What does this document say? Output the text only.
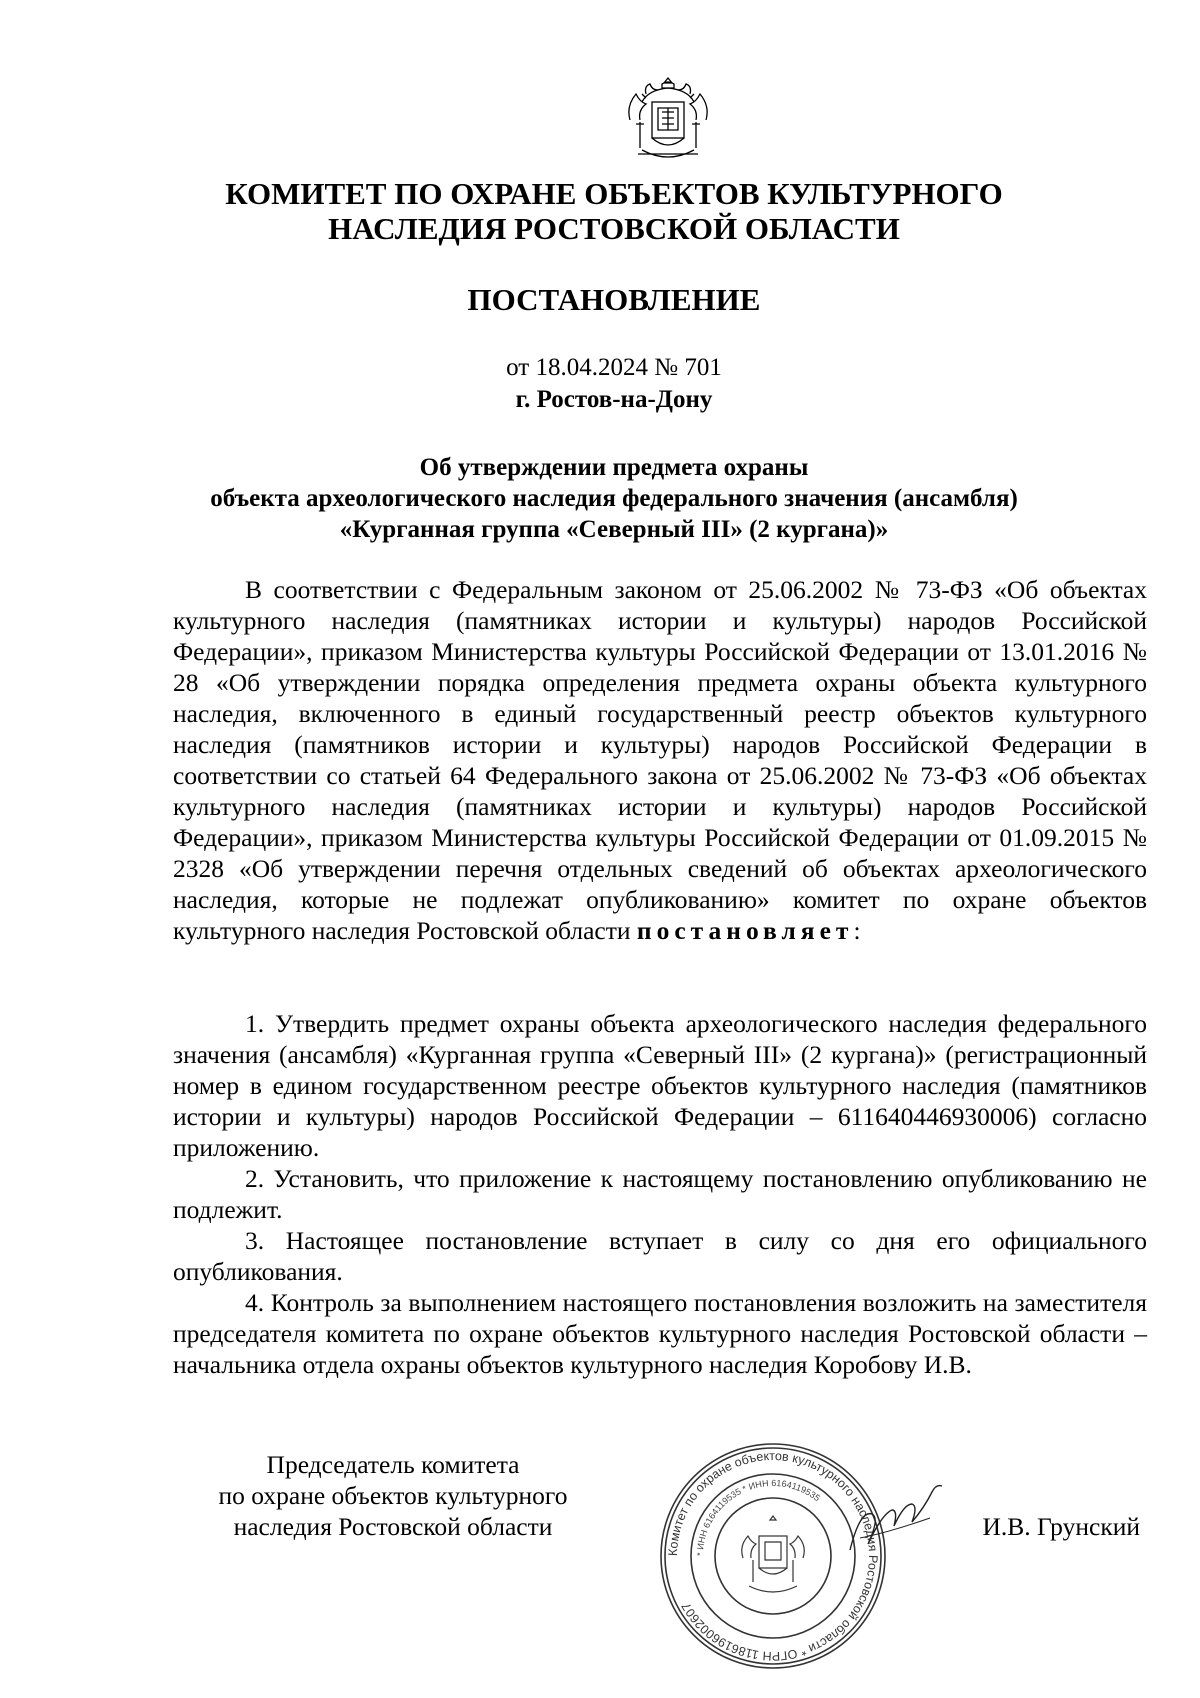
КОМИТЕТ ПО ОХРАНЕ ОБЪЕКТОВ КУЛЬТУРНОГО
НАСЛЕДИЯ РОСТОВСКОЙ ОБЛАСТИ
ПОСТАНОВЛЕНИЕ
от 18.04.2024 № 701
г. Ростов-на-Дону
Об утверждении предмета охраны
объекта археологического наследия федерального значения (ансамбля)
«Курганная группа «Северный III» (2 кургана)»

В соответствии с Федеральным законом от 25.06.2002 № 73-ФЗ «Об объектах культурного наследия (памятниках истории и культуры) народов Российской Федерации», приказом Министерства культуры Российской Федерации от 13.01.2016 № 28 «Об утверждении порядка определения предмета охраны объекта культурного наследия, включенного в единый государственный реестр объектов культурного наследия (памятников истории и культуры) народов Российской Федерации в соответствии со статьей 64 Федерального закона от 25.06.2002 № 73-ФЗ «Об объектах культурного наследия (памятниках истории и культуры) народов Российской Федерации», приказом Министерства культуры Российской Федерации от 01.09.2015 № 2328 «Об утверждении перечня отдельных сведений об объектах археологического наследия, которые не подлежат опубликованию» комитет по охране объектов культурного наследия Ростовской области постановляет:

1. Утвердить предмет охраны объекта археологического наследия федерального значения (ансамбля) «Курганная группа «Северный III» (2 кургана)» (регистрационный номер в едином государственном реестре объектов культурного наследия (памятников истории и культуры) народов Российской Федерации – 611640446930006) согласно приложению.

2. Установить, что приложение к настоящему постановлению опубликованию не подлежит.

3. Настоящее постановление вступает в силу со дня его официального опубликования.

4. Контроль за выполнением настоящего постановления возложить на заместителя председателя комитета по охране объектов культурного наследия Ростовской области – начальника отдела охраны объектов культурного наследия Коробову И.В.

Председатель комитета
по охране объектов культурного
наследия Ростовской области
Комитет по охране объектов культурного наследия Ростовской области * ОГРН 1186196002607
* ИНН 6164119535 * ИНН 6164119535
И.В. Грунский
